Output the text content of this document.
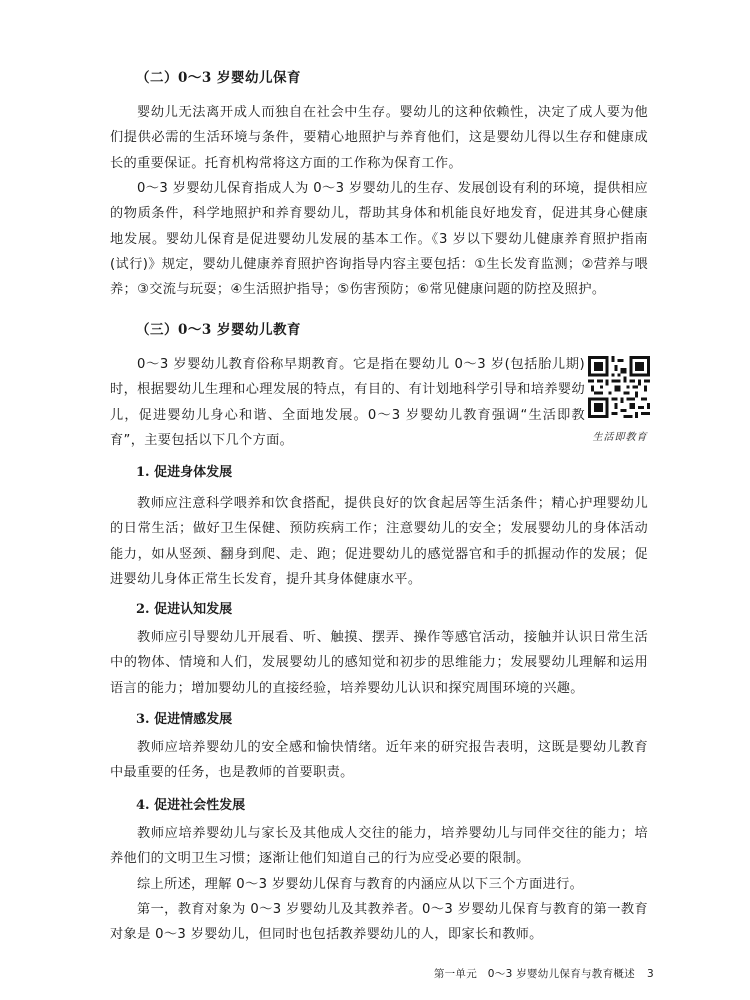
（二）0～3 岁婴幼儿保育

婴幼儿无法离开成人而独自在社会中生存。婴幼儿的这种依赖性，决定了成人要为他们提供必需的生活环境与条件，要精心地照护与养育他们，这是婴幼儿得以生存和健康成长的重要保证。托育机构常将这方面的工作称为保育工作。

0～3 岁婴幼儿保育指成人为 0～3 岁婴幼儿的生存、发展创设有利的环境，提供相应的物质条件，科学地照护和养育婴幼儿，帮助其身体和机能良好地发育，促进其身心健康地发展。婴幼儿保育是促进婴幼儿发展的基本工作。《3 岁以下婴幼儿健康养育照护指南(试行)》规定，婴幼儿健康养育照护咨询指导内容主要包括：①生长发育监测；②营养与喂养；③交流与玩耍；④生活照护指导；⑤伤害预防；⑥常见健康问题的防控及照护。

（三）0～3 岁婴幼儿教育

0～3 岁婴幼儿教育俗称早期教育。它是指在婴幼儿 0～3 岁(包括胎儿期)时，根据婴幼儿生理和心理发展的特点，有目的、有计划地科学引导和培养婴幼儿，促进婴幼儿身心和谐、全面地发展。0～3 岁婴幼儿教育强调“生活即教育”，主要包括以下几个方面。	生活即教育
1. 促进身体发展

教师应注意科学喂养和饮食搭配，提供良好的饮食起居等生活条件；精心护理婴幼儿的日常生活；做好卫生保健、预防疾病工作；注意婴幼儿的安全；发展婴幼儿的身体活动能力，如从竖颈、翻身到爬、走、跑；促进婴幼儿的感觉器官和手的抓握动作的发展；促进婴幼儿身体正常生长发育，提升其身体健康水平。

2. 促进认知发展

教师应引导婴幼儿开展看、听、触摸、摆弄、操作等感官活动，接触并认识日常生活中的物体、情境和人们，发展婴幼儿的感知觉和初步的思维能力；发展婴幼儿理解和运用语言的能力；增加婴幼儿的直接经验，培养婴幼儿认识和探究周围环境的兴趣。

3. 促进情感发展

教师应培养婴幼儿的安全感和愉快情绪。近年来的研究报告表明，这既是婴幼儿教育中最重要的任务，也是教师的首要职责。

4. 促进社会性发展

教师应培养婴幼儿与家长及其他成人交往的能力，培养婴幼儿与同伴交往的能力；培养他们的文明卫生习惯；逐渐让他们知道自己的行为应受必要的限制。

综上所述，理解 0～3 岁婴幼儿保育与教育的内涵应从以下三个方面进行。

第一，教育对象为 0～3 岁婴幼儿及其教养者。0～3 岁婴幼儿保育与教育的第一教育对象是 0～3 岁婴幼儿，但同时也包括教养婴幼儿的人，即家长和教师。

第一单元　0～3 岁婴幼儿保育与教育概述 3
